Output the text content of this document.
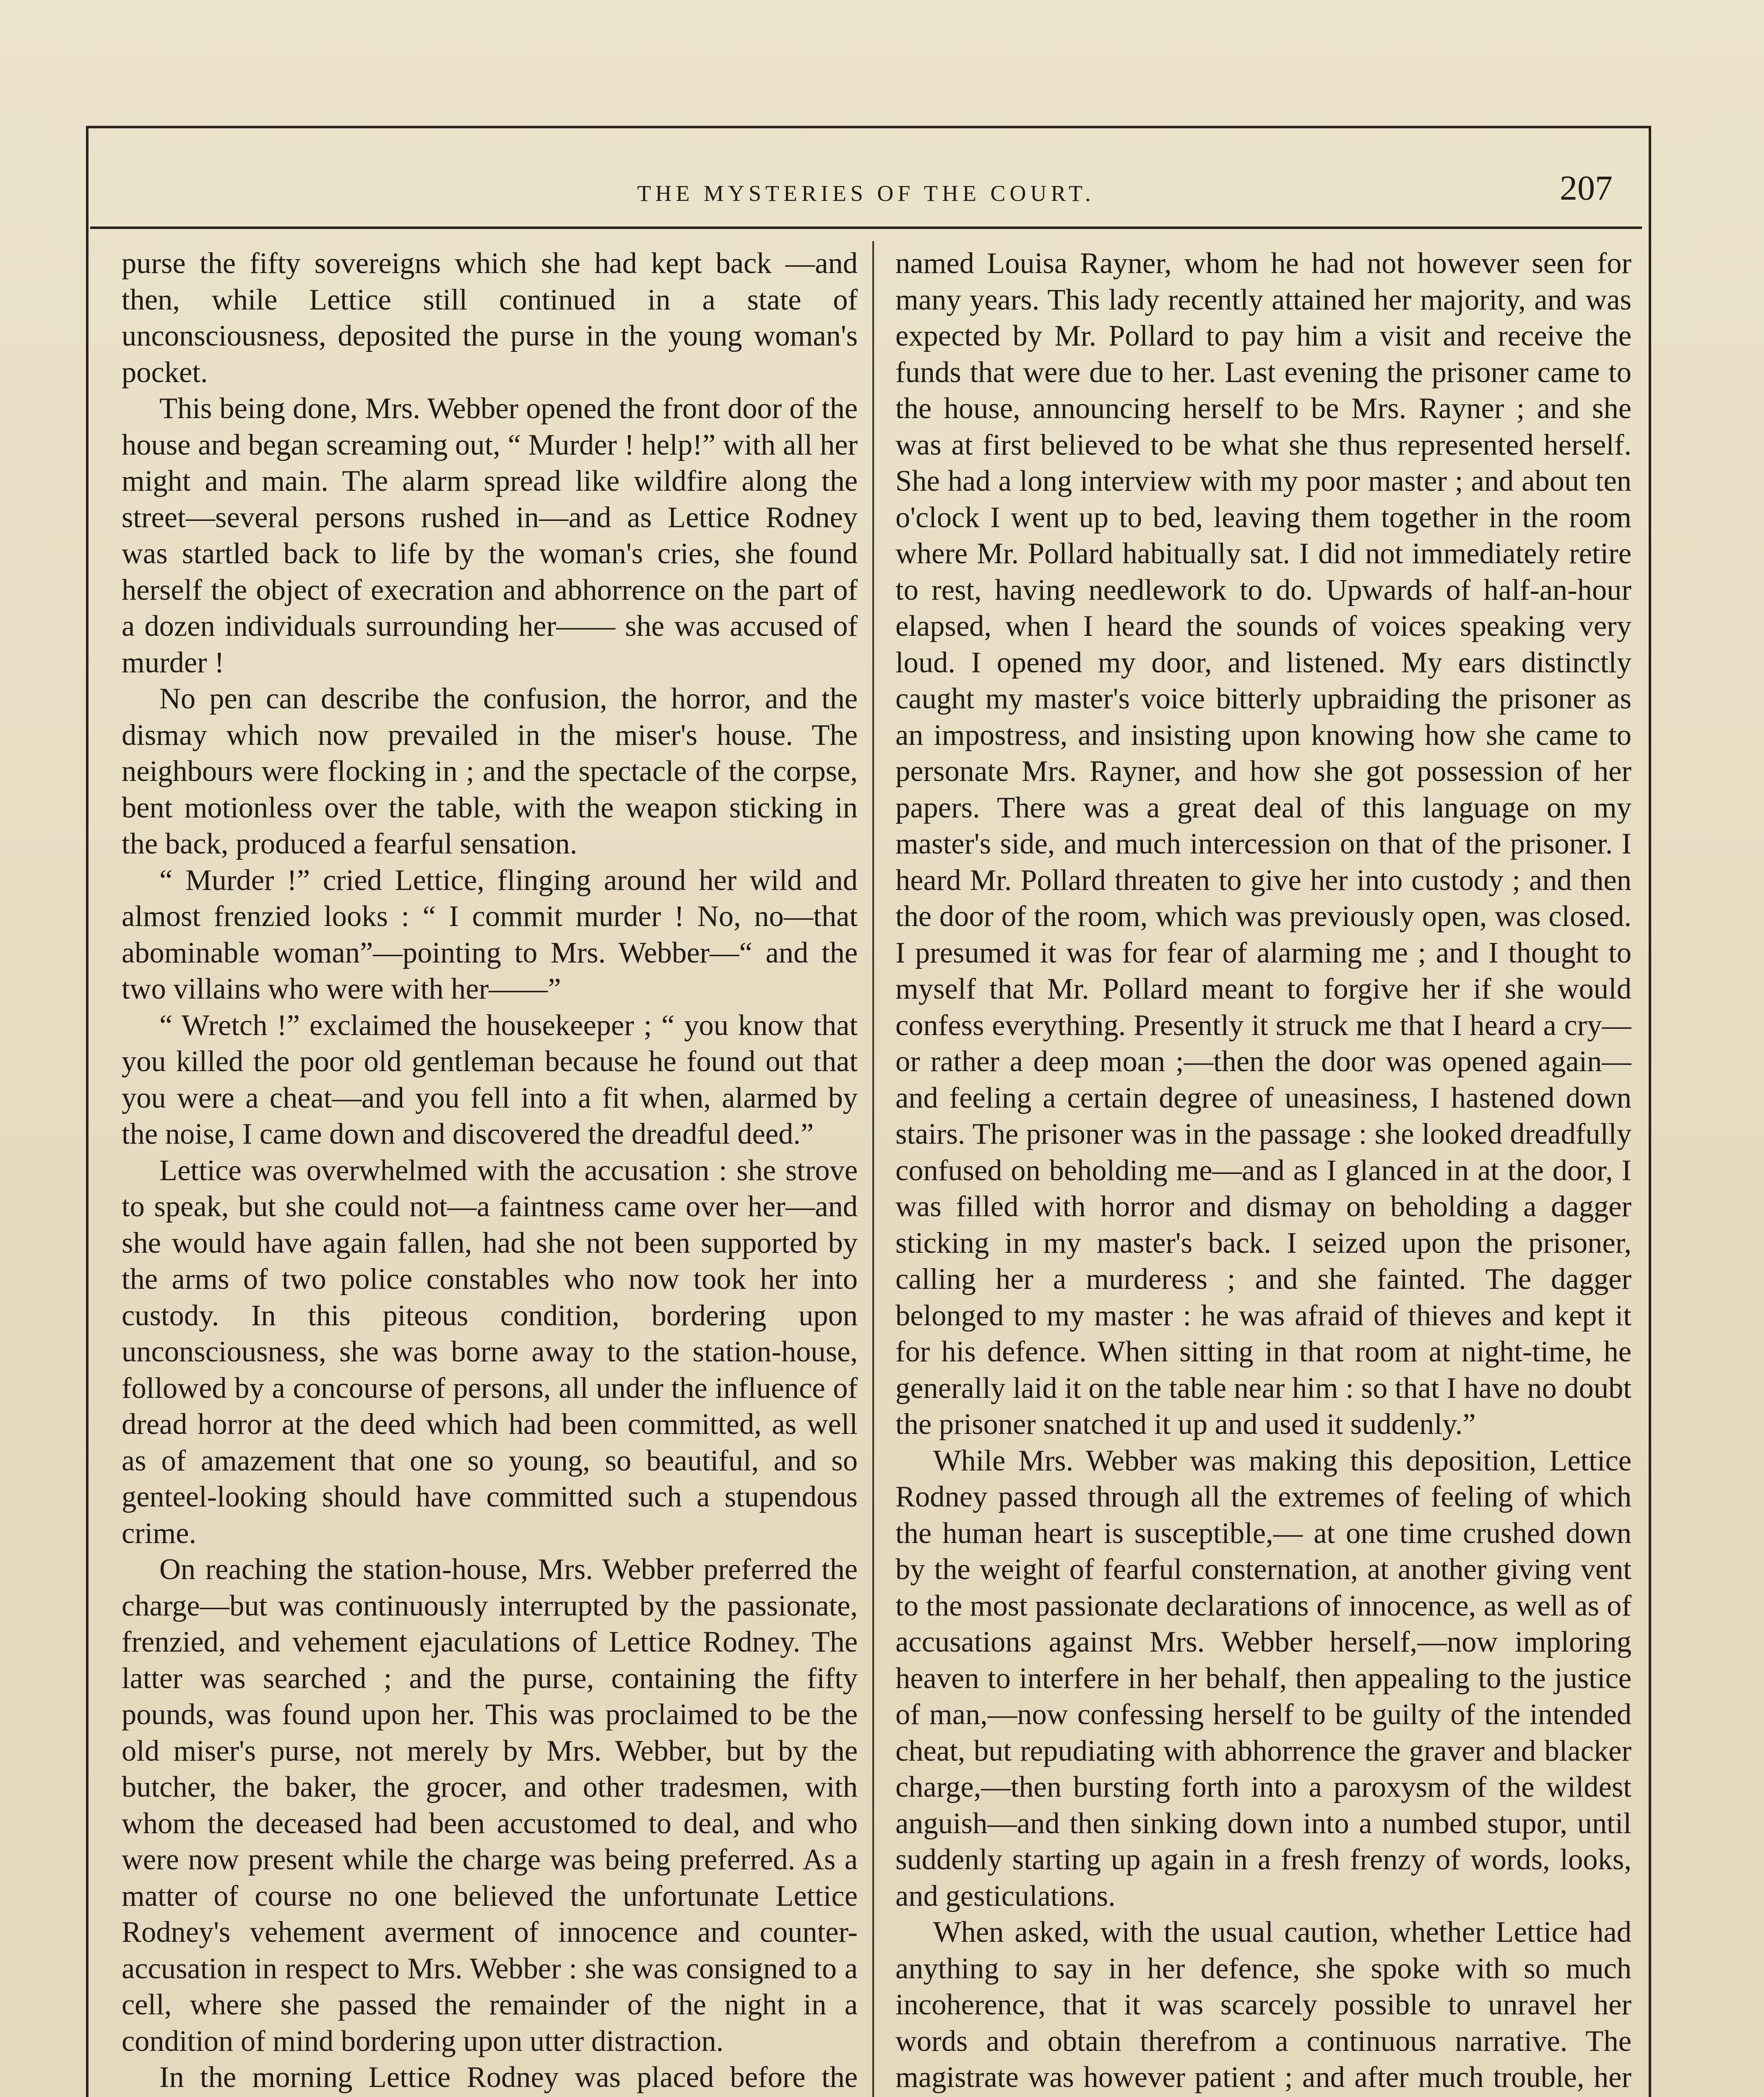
THE MYSTERIES OF THE COURT.	207

purse the fifty sovereigns which she had kept back —and then, while Lettice still continued in a state of unconsciousness, deposited the purse in the young woman's pocket.

This being done, Mrs. Webber opened the front door of the house and began screaming out, “ Murder ! help!” with all her might and main. The alarm spread like wildfire along the street—several persons rushed in—and as Lettice Rodney was startled back to life by the woman's cries, she found herself the object of execration and abhorrence on the part of a dozen individuals surrounding her—— she was accused of murder !

No pen can describe the confusion, the horror, and the dismay which now prevailed in the miser's house. The neighbours were flocking in ; and the spectacle of the corpse, bent motionless over the table, with the weapon sticking in the back, produced a fearful sensation.

“ Murder !” cried Lettice, flinging around her wild and almost frenzied looks : “ I commit murder ! No, no—that abominable woman”—pointing to Mrs. Webber—“ and the two villains who were with her——”

“ Wretch !” exclaimed the housekeeper ; “ you know that you killed the poor old gentleman because he found out that you were a cheat—and you fell into a fit when, alarmed by the noise, I came down and discovered the dreadful deed.”

Lettice was overwhelmed with the accusation : she strove to speak, but she could not—a faintness came over her—and she would have again fallen, had she not been supported by the arms of two police constables who now took her into custody. In this piteous condition, bordering upon unconsciousness, she was borne away to the station-house, followed by a concourse of persons, all under the influence of dread horror at the deed which had been committed, as well as of amazement that one so young, so beautiful, and so genteel-looking should have committed such a stupendous crime.

On reaching the station-house, Mrs. Webber preferred the charge—but was continuously interrupted by the passionate, frenzied, and vehement ejaculations of Lettice Rodney. The latter was searched ; and the purse, containing the fifty pounds, was found upon her. This was proclaimed to be the old miser's purse, not merely by Mrs. Webber, but by the butcher, the baker, the grocer, and other tradesmen, with whom the deceased had been accustomed to deal, and who were now present while the charge was being preferred. As a matter of course no one believed the unfortunate Lettice Rodney's vehement averment of innocence and counter-accusation in respect to Mrs. Webber : she was consigned to a cell, where she passed the remainder of the night in a condition of mind bordering upon utter distraction.

In the morning Lettice Rodney was placed before the

named Louisa Rayner, whom he had not however seen for many years. This lady recently attained her majority, and was expected by Mr. Pollard to pay him a visit and receive the funds that were due to her. Last evening the prisoner came to the house, announcing herself to be Mrs. Rayner ; and she was at first believed to be what she thus represented herself. She had a long interview with my poor master ; and about ten o'clock I went up to bed, leaving them together in the room where Mr. Pollard habitually sat. I did not immediately retire to rest, having needlework to do. Upwards of half-an-hour elapsed, when I heard the sounds of voices speaking very loud. I opened my door, and listened. My ears distinctly caught my master's voice bitterly upbraiding the prisoner as an impostress, and insisting upon knowing how she came to personate Mrs. Rayner, and how she got possession of her papers. There was a great deal of this language on my master's side, and much intercession on that of the prisoner. I heard Mr. Pollard threaten to give her into custody ; and then the door of the room, which was previously open, was closed. I presumed it was for fear of alarming me ; and I thought to myself that Mr. Pollard meant to forgive her if she would confess everything. Presently it struck me that I heard a cry—or rather a deep moan ;—then the door was opened again—and feeling a certain degree of uneasiness, I hastened down stairs. The prisoner was in the passage : she looked dreadfully confused on beholding me—and as I glanced in at the door, I was filled with horror and dismay on beholding a dagger sticking in my master's back. I seized upon the prisoner, calling her a murderess ; and she fainted. The dagger belonged to my master : he was afraid of thieves and kept it for his defence. When sitting in that room at night-time, he generally laid it on the table near him : so that I have no doubt the prisoner snatched it up and used it suddenly.”

While Mrs. Webber was making this deposition, Lettice Rodney passed through all the extremes of feeling of which the human heart is susceptible,— at one time crushed down by the weight of fearful consternation, at another giving vent to the most passionate declarations of innocence, as well as of accusations against Mrs. Webber herself,—now imploring heaven to interfere in her behalf, then appealing to the justice of man,—now confessing herself to be guilty of the intended cheat, but repudiating with abhorrence the graver and blacker charge,—then bursting forth into a paroxysm of the wildest anguish—and then sinking down into a numbed stupor, until suddenly starting up again in a fresh frenzy of words, looks, and gesticulations.

When asked, with the usual caution, whether Lettice had anything to say in her defence, she spoke with so much incoherence, that it was scarcely possible to unravel her words and obtain therefrom a continuous narrative. The magistrate was however patient ; and after much trouble, her
